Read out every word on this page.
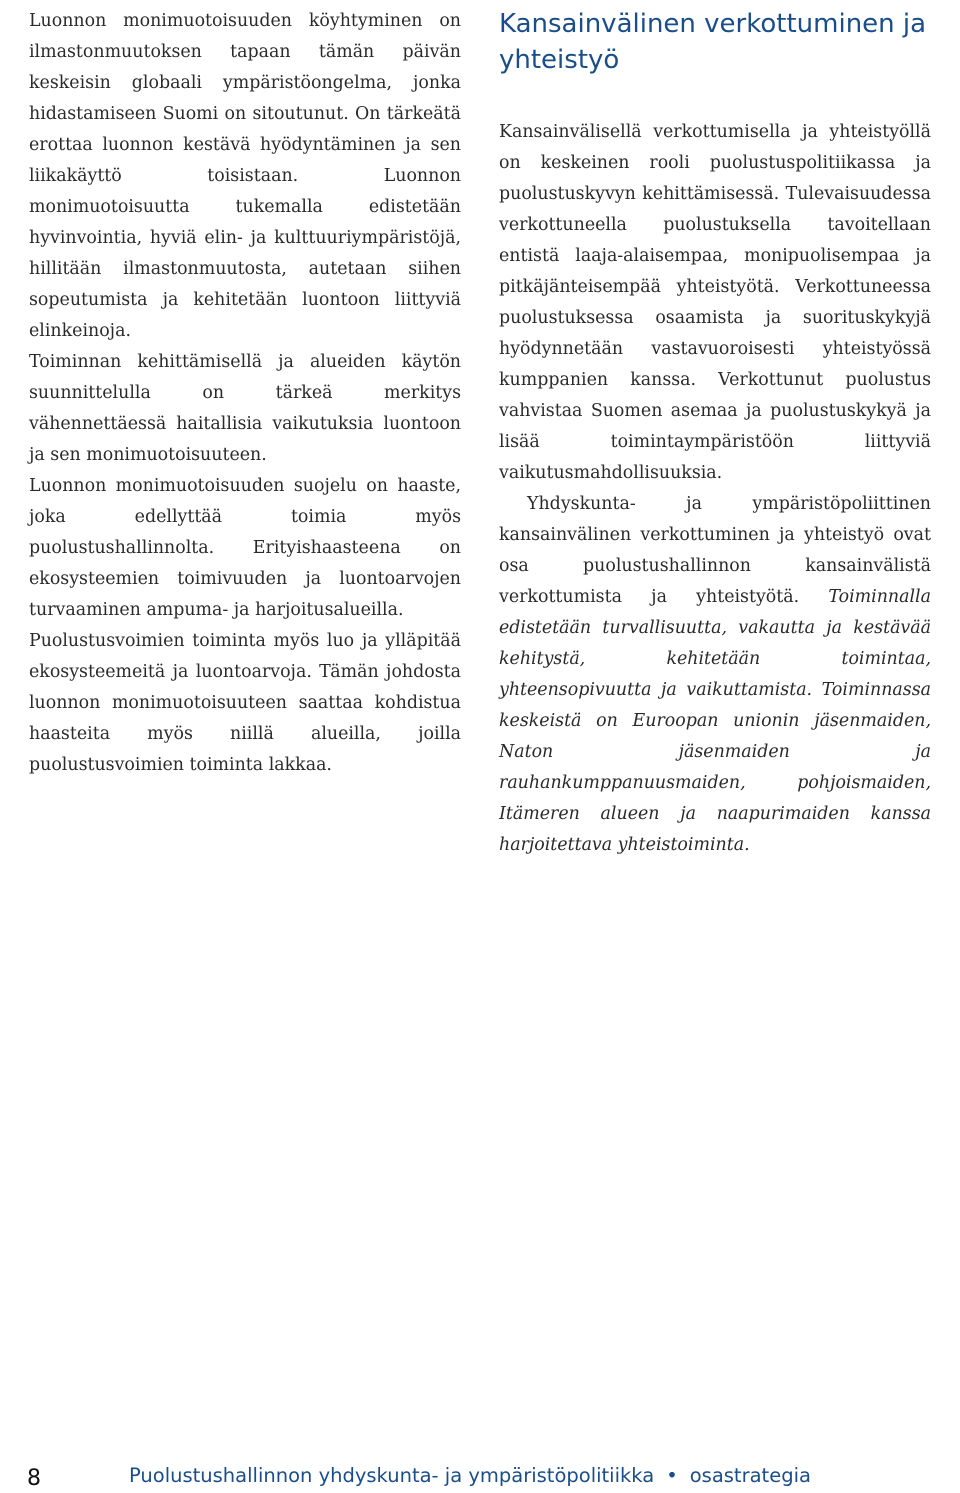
Luonnon monimuotoisuuden köyhtyminen on ilmastonmuutoksen tapaan tämän päivän keskeisin globaali ympäristöongelma, jonka hidastamiseen Suomi on sitoutunut. On tärkeätä erottaa luonnon kestävä hyödyntäminen ja sen liikakäyttö toisistaan. Luonnon monimuotoisuutta tukemalla edistetään hyvinvointia, hyviä elin- ja kulttuuriympäristöjä, hillitään ilmastonmuutosta, autetaan siihen sopeutumista ja kehitetään luontoon liittyviä elinkeinoja.

Toiminnan kehittämisellä ja alueiden käytön suunnittelulla on tärkeä merkitys vähennettäessä haitallisia vaikutuksia luontoon ja sen monimuotoisuuteen.

Luonnon monimuotoisuuden suojelu on haaste, joka edellyttää toimia myös puolustushallinnolta. Erityishaasteena on ekosysteemien toimivuuden ja luontoarvojen turvaaminen ampuma- ja harjoitusalueilla.

Puolustusvoimien toiminta myös luo ja ylläpitää ekosysteemeitä ja luontoarvoja. Tämän johdosta luonnon monimuotoisuuteen saattaa kohdistua haasteita myös niillä alueilla, joilla puolustusvoimien toiminta lakkaa.

Kansainvälinen verkottuminen ja yhteistyö

Kansainvälisellä verkottumisella ja yhteistyöllä on keskeinen rooli puolustuspolitiikassa ja puolustuskyvyn kehittämisessä. Tulevaisuudessa verkottuneella puolustuksella tavoitellaan entistä laaja-alaisempaa, monipuolisempaa ja pitkäjänteisempää yhteistyötä. Verkottuneessa puolustuksessa osaamista ja suorituskykyjä hyödynnetään vastavuoroisesti yhteistyössä kumppanien kanssa. Verkottunut puolustus vahvistaa Suomen asemaa ja puolustuskykyä ja lisää toimintaympäristöön liittyviä vaikutusmahdollisuuksia.

Yhdyskunta- ja ympäristöpoliittinen kansainvälinen verkottuminen ja yhteistyö ovat osa puolustushallinnon kansainvälistä verkottumista ja yhteistyötä. Toiminnalla edistetään turvallisuutta, vakautta ja kestävää kehitystä, kehitetään toimintaa, yhteensopivuutta ja vaikuttamista. Toiminnassa keskeistä on Euroopan unionin jäsenmaiden, Naton jäsenmaiden ja rauhankumppanuusmaiden, pohjoismaiden, Itämeren alueen ja naapurimaiden kanssa harjoitettava yhteistoiminta.

8	Puolustushallinnon yhdyskunta- ja ympäristöpolitiikka • osastrategia
